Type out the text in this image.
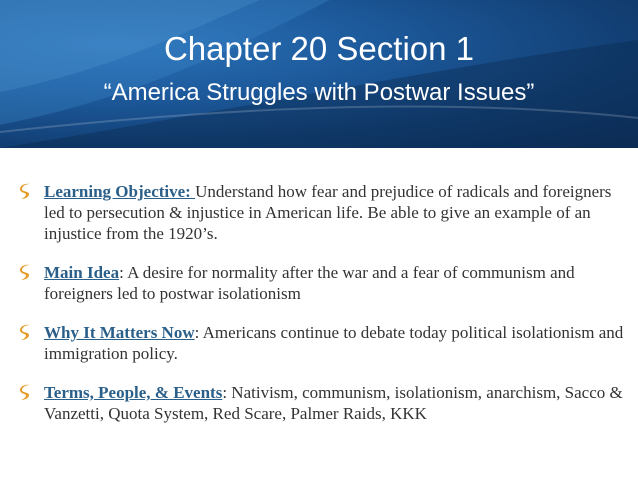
Chapter 20 Section 1
“America Struggles with Postwar Issues”
Learning Objective: Understand how fear and prejudice of radicals and foreigners led to persecution & injustice in American life. Be able to give an example of an injustice from the 1920’s.
Main Idea: A desire for normality after the war and a fear of communism and foreigners led to postwar isolationism
Why It Matters Now: Americans continue to debate today political isolationism and immigration policy.
Terms, People, & Events: Nativism, communism, isolationism, anarchism, Sacco & Vanzetti, Quota System, Red Scare, Palmer Raids, KKK
